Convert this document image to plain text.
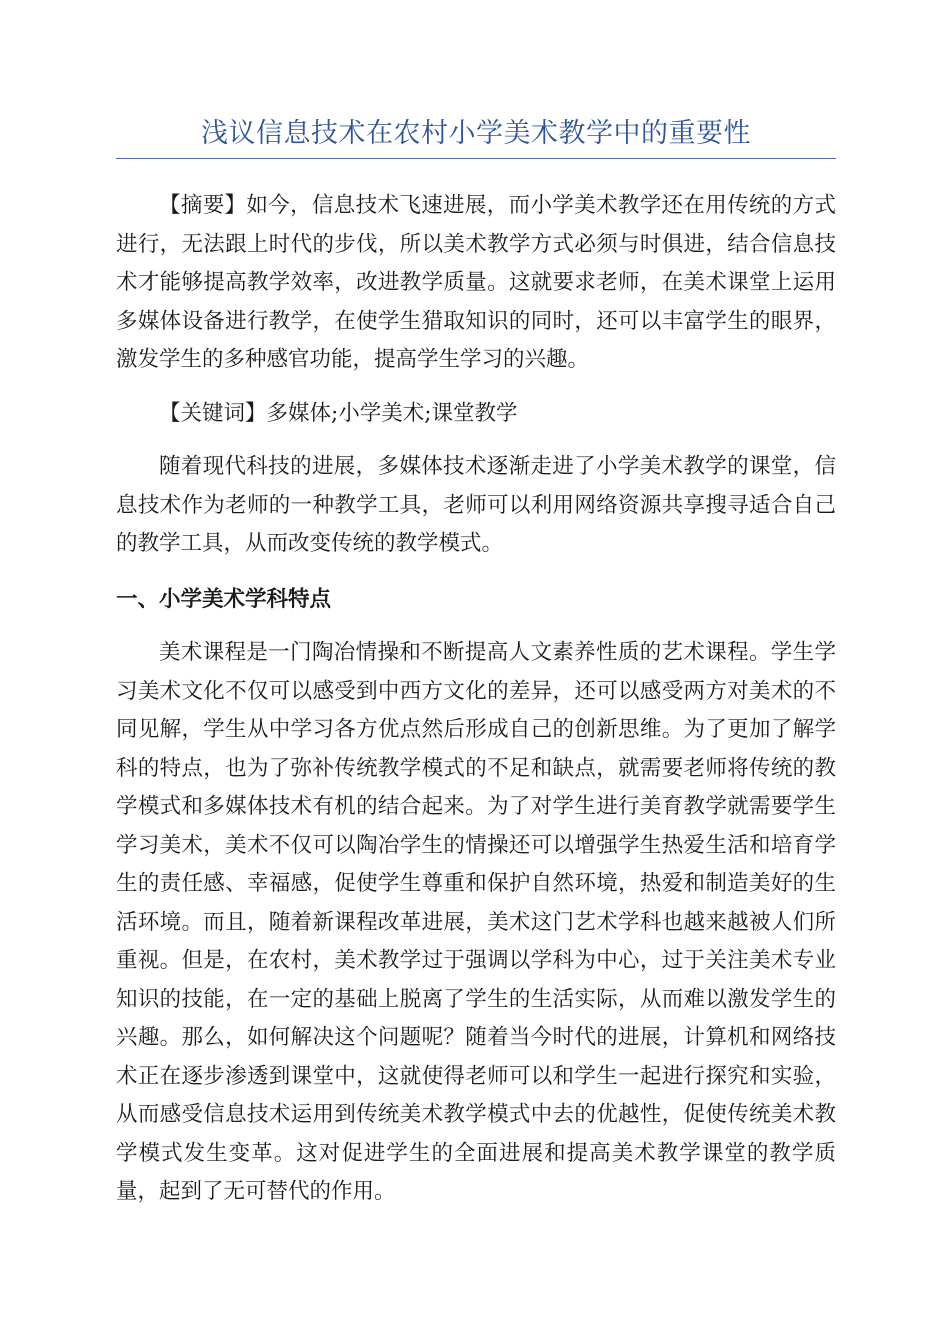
浅议信息技术在农村小学美术教学中的重要性

【摘要】如今，信息技术飞速进展，而小学美术教学还在用传统的方式进行，无法跟上时代的步伐，所以美术教学方式必须与时俱进，结合信息技术才能够提高教学效率，改进教学质量。这就要求老师，在美术课堂上运用多媒体设备进行教学，在使学生猎取知识的同时，还可以丰富学生的眼界，激发学生的多种感官功能，提高学生学习的兴趣。

【关键词】多媒体;小学美术;课堂教学

随着现代科技的进展，多媒体技术逐渐走进了小学美术教学的课堂，信息技术作为老师的一种教学工具，老师可以利用网络资源共享搜寻适合自己的教学工具，从而改变传统的教学模式。

一、小学美术学科特点

美术课程是一门陶冶情操和不断提高人文素养性质的艺术课程。学生学习美术文化不仅可以感受到中西方文化的差异，还可以感受两方对美术的不同见解，学生从中学习各方优点然后形成自己的创新思维。为了更加了解学科的特点，也为了弥补传统教学模式的不足和缺点，就需要老师将传统的教学模式和多媒体技术有机的结合起来。为了对学生进行美育教学就需要学生学习美术，美术不仅可以陶冶学生的情操还可以增强学生热爱生活和培育学生的责任感、幸福感，促使学生尊重和保护自然环境，热爱和制造美好的生活环境。而且，随着新课程改革进展，美术这门艺术学科也越来越被人们所重视。但是，在农村，美术教学过于强调以学科为中心，过于关注美术专业知识的技能，在一定的基础上脱离了学生的生活实际，从而难以激发学生的兴趣。那么，如何解决这个问题呢？随着当今时代的进展，计算机和网络技术正在逐步渗透到课堂中，这就使得老师可以和学生一起进行探究和实验，从而感受信息技术运用到传统美术教学模式中去的优越性，促使传统美术教学模式发生变革。这对促进学生的全面进展和提高美术教学课堂的教学质量，起到了无可替代的作用。
